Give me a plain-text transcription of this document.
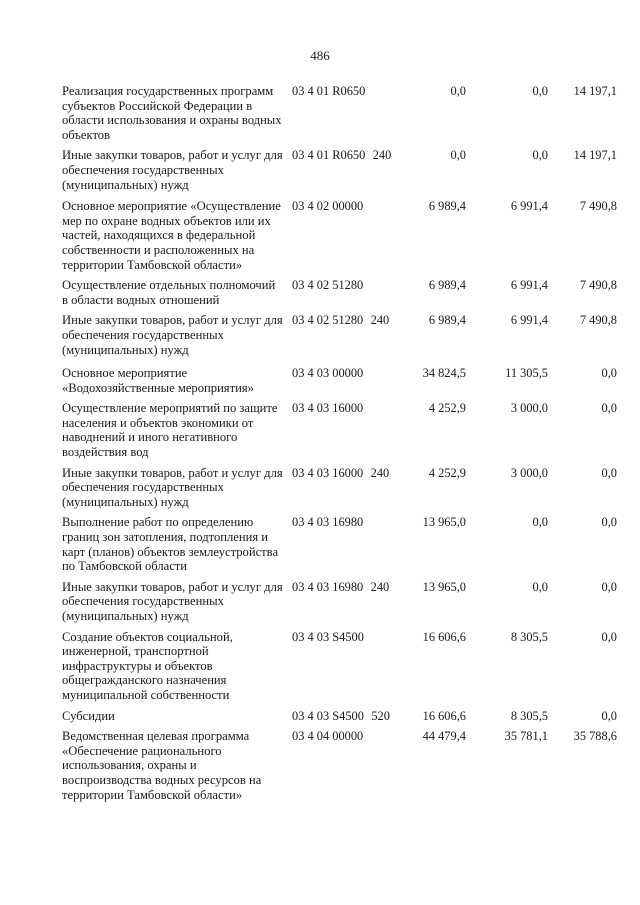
486
Реализация государственных программ субъектов Российской Федерации в области использования и охраны водных объектов
03 4 01 R0650	0,0	0,0	14 197,1
Иные закупки товаров, работ и услуг для обеспечения государственных (муниципальных) нужд
03 4 01 R0650 240	0,0	0,0	14 197,1
Основное мероприятие «Осуществление мер по охране водных объектов или их частей, находящихся в федеральной собственности и расположенных на территории Тамбовской области»
03 4 02 00000	6 989,4	6 991,4	7 490,8
Осуществление отдельных полномочий в области водных отношений
03 4 02 51280	6 989,4	6 991,4	7 490,8
Иные закупки товаров, работ и услуг для обеспечения государственных (муниципальных) нужд
03 4 02 51280 240	6 989,4	6 991,4	7 490,8
Основное мероприятие «Водохозяйственные мероприятия»
03 4 03 00000	34 824,5	11 305,5	0,0
Осуществление мероприятий по защите населения и объектов экономики от наводнений и иного негативного воздействия вод
03 4 03 16000	4 252,9	3 000,0	0,0
Иные закупки товаров, работ и услуг для обеспечения государственных (муниципальных) нужд
03 4 03 16000 240	4 252,9	3 000,0	0,0
Выполнение работ по определению границ зон затопления, подтопления и карт (планов) объектов землеустройства по Тамбовской области
03 4 03 16980	13 965,0	0,0	0,0
Иные закупки товаров, работ и услуг для обеспечения государственных (муниципальных) нужд
03 4 03 16980 240	13 965,0	0,0	0,0
Создание объектов социальной, инженерной, транспортной инфраструктуры и объектов общегражданского назначения муниципальной собственности
03 4 03 S4500	16 606,6	8 305,5	0,0
Субсидии	03 4 03 S4500 520	16 606,6	8 305,5	0,0
Ведомственная целевая программа «Обеспечение рационального использования, охраны и воспроизводства водных ресурсов на территории Тамбовской области»
03 4 04 00000	44 479,4	35 781,1	35 788,6
